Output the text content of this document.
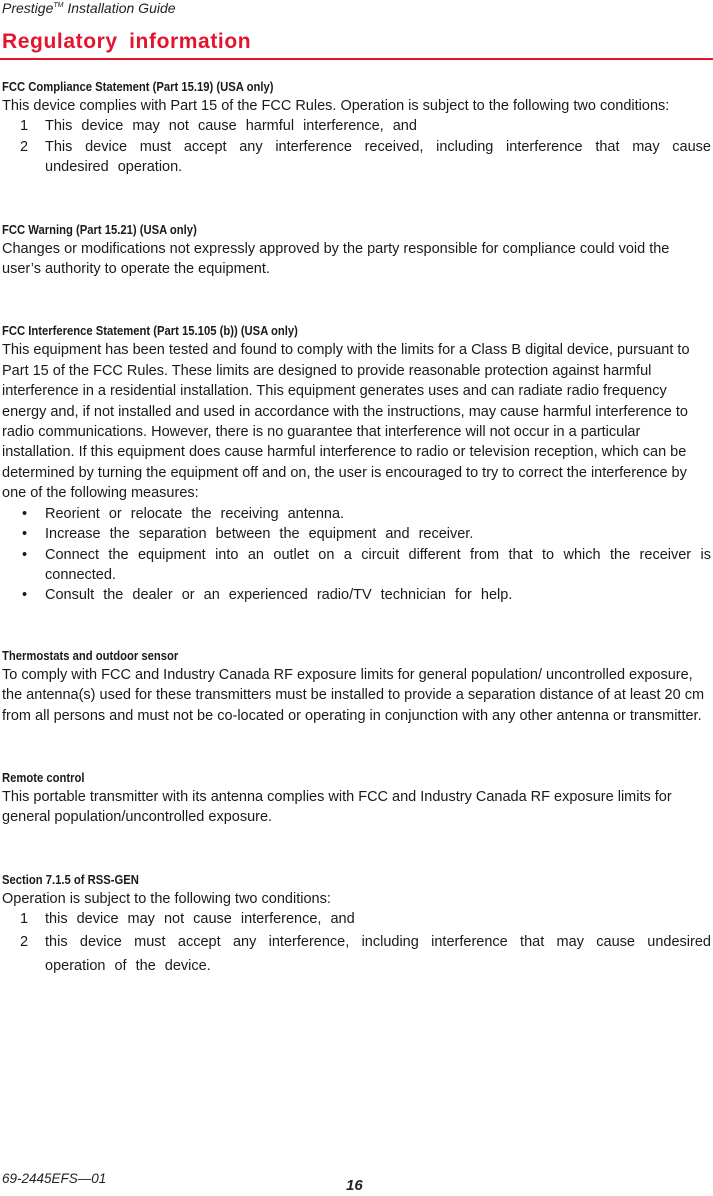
Prestige™ Installation Guide
Regulatory information
FCC Compliance Statement (Part 15.19) (USA only)
This device complies with Part 15 of the FCC Rules. Operation is subject to the following two conditions:
1 This device may not cause harmful interference, and
2 This device must accept any interference received, including interference that may cause undesired operation.
FCC Warning (Part 15.21) (USA only)
Changes or modifications not expressly approved by the party responsible for compliance could void the user’s authority to operate the equipment.
FCC Interference Statement (Part 15.105 (b)) (USA only)
This equipment has been tested and found to comply with the limits for a Class B digital device, pursuant to Part 15 of the FCC Rules. These limits are designed to provide reasonable protection against harmful interference in a residential installation. This equipment generates uses and can radiate radio frequency energy and, if not installed and used in accordance with the instructions, may cause harmful interference to radio communications. However, there is no guarantee that interference will not occur in a particular installation. If this equipment does cause harmful interference to radio or television reception, which can be determined by turning the equipment off and on, the user is encouraged to try to correct the interference by one of the following measures:
• Reorient or relocate the receiving antenna.
• Increase the separation between the equipment and receiver.
• Connect the equipment into an outlet on a circuit different from that to which the receiver is connected.
• Consult the dealer or an experienced radio/TV technician for help.
Thermostats and outdoor sensor
To comply with FCC and Industry Canada RF exposure limits for general population/ uncontrolled exposure, the antenna(s) used for these transmitters must be installed to provide a separation distance of at least 20 cm from all persons and must not be co-located or operating in conjunction with any other antenna or transmitter.
Remote control
This portable transmitter with its antenna complies with FCC and Industry Canada RF exposure limits for general population/uncontrolled exposure.
Section 7.1.5 of RSS-GEN
Operation is subject to the following two conditions:
1 this device may not cause interference, and
2 this device must accept any interference, including interference that may cause undesired operation of the device.
69-2445EFS—01	16
